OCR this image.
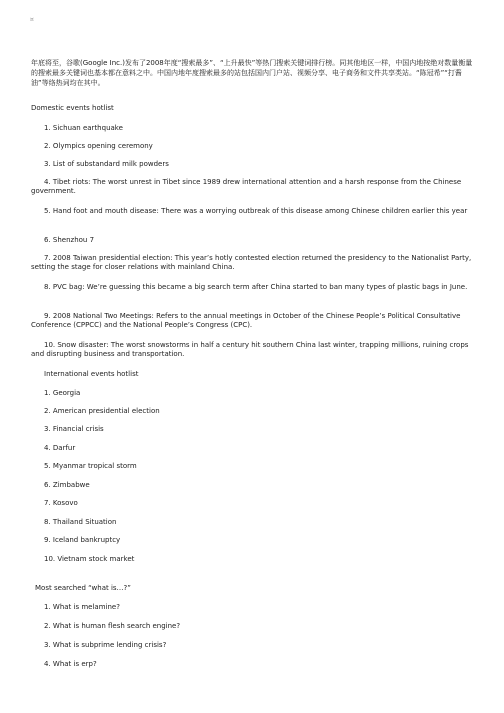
¤
年底将至，谷歌(Google Inc.)发布了2008年度“搜索最多”、“上升最快”等热门搜索关键词排行榜。同其他地区一样，中国内地按绝对数量衡量的搜索最多关键词也基本都在意料之中。中国内地年度搜索最多的站包括国内门户站、视频分享、电子商务和文件共享类站。“陈冠希”“打酱油”等络热词均在其中。
Domestic events hotlist
1. Sichuan earthquake
2. Olympics opening ceremony
3. List of substandard milk powders
4. Tibet riots: The worst unrest in Tibet since 1989 drew international attention and a harsh response from the Chinese government.
5. Hand foot and mouth disease: There was a worrying outbreak of this disease among Chinese children earlier this year
6. Shenzhou 7
7. 2008 Taiwan presidential election: This year’s hotly contested election returned the presidency to the Nationalist Party, setting the stage for closer relations with mainland China.
8. PVC bag: We’re guessing this became a big search term after China started to ban many types of plastic bags in June.
9. 2008 National Two Meetings: Refers to the annual meetings in October of the Chinese People’s Political Consultative Conference (CPPCC) and the National People’s Congress (CPC).
10. Snow disaster: The worst snowstorms in half a century hit southern China last winter, trapping millions, ruining crops and disrupting business and transportation.
International events hotlist
1. Georgia
2. American presidential election
3. Financial crisis
4. Darfur
5. Myanmar tropical storm
6. Zimbabwe
7. Kosovo
8. Thailand Situation
9. Iceland bankruptcy
10. Vietnam stock market
Most searched “what is…?”
1. What is melamine?
2. What is human flesh search engine?
3. What is subprime lending crisis?
4. What is erp?
